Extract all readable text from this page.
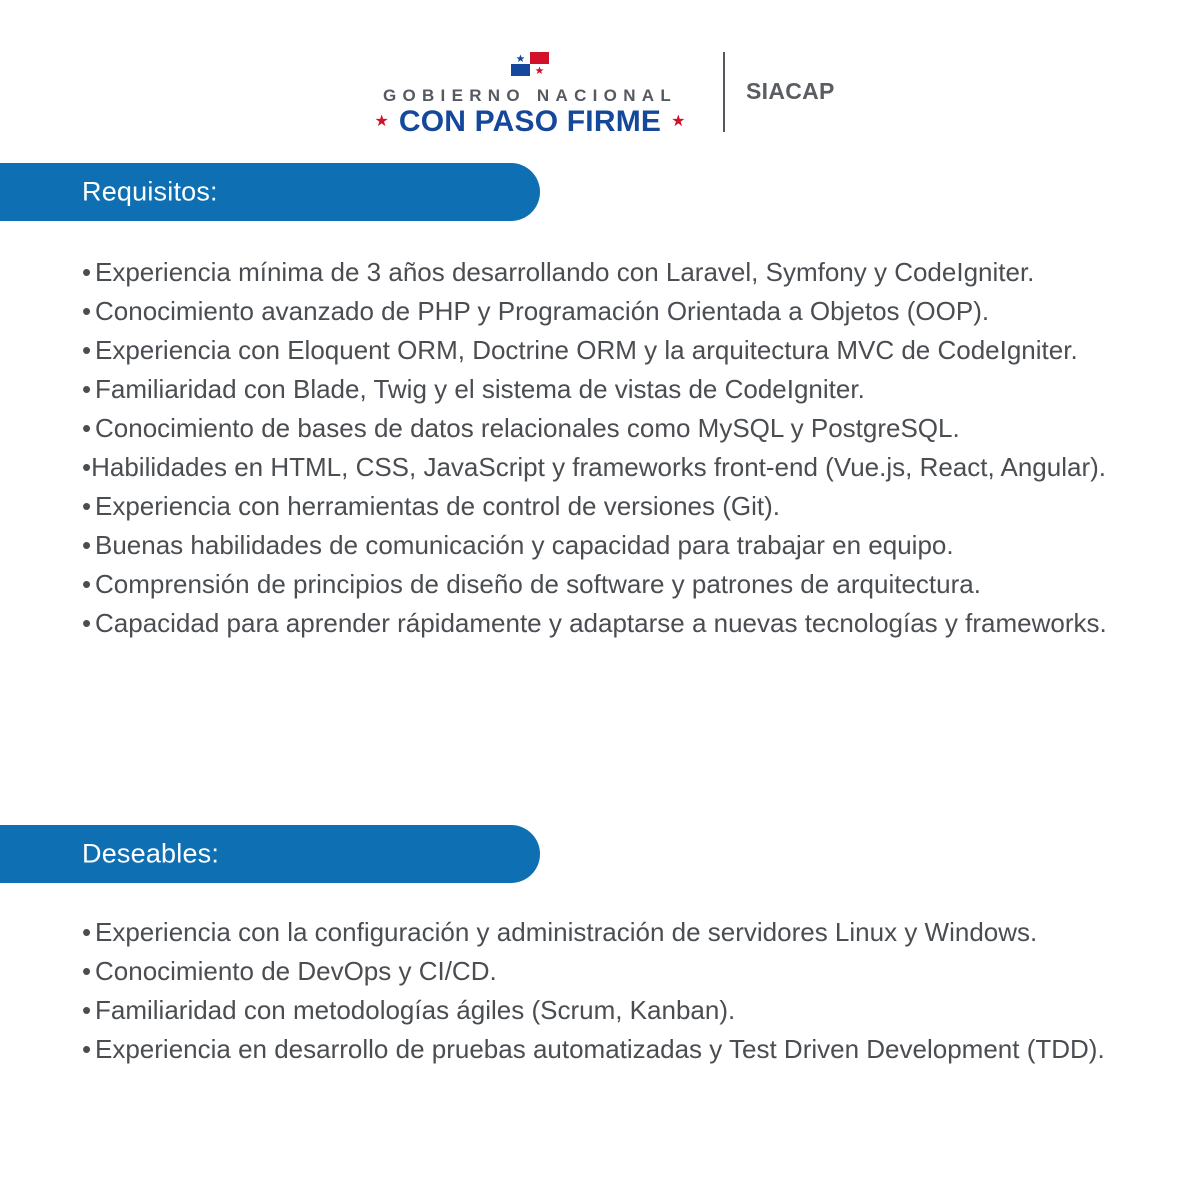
GOBIERNO NACIONAL
★ CON PASO FIRME ★
SIACAP
Requisitos:
• Experiencia mínima de 3 años desarrollando con Laravel, Symfony y CodeIgniter.
• Conocimiento avanzado de PHP y Programación Orientada a Objetos (OOP).
• Experiencia con Eloquent ORM, Doctrine ORM y la arquitectura MVC de CodeIgniter.
• Familiaridad con Blade, Twig y el sistema de vistas de CodeIgniter.
• Conocimiento de bases de datos relacionales como MySQL y PostgreSQL.
•Habilidades en HTML, CSS, JavaScript y frameworks front-end (Vue.js, React, Angular).
• Experiencia con herramientas de control de versiones (Git).
• Buenas habilidades de comunicación y capacidad para trabajar en equipo.
• Comprensión de principios de diseño de software y patrones de arquitectura.
• Capacidad para aprender rápidamente y adaptarse a nuevas tecnologías y frameworks.
Deseables:
• Experiencia con la configuración y administración de servidores Linux y Windows.
• Conocimiento de DevOps y CI/CD.
• Familiaridad con metodologías ágiles (Scrum, Kanban).
• Experiencia en desarrollo de pruebas automatizadas y Test Driven Development (TDD).
